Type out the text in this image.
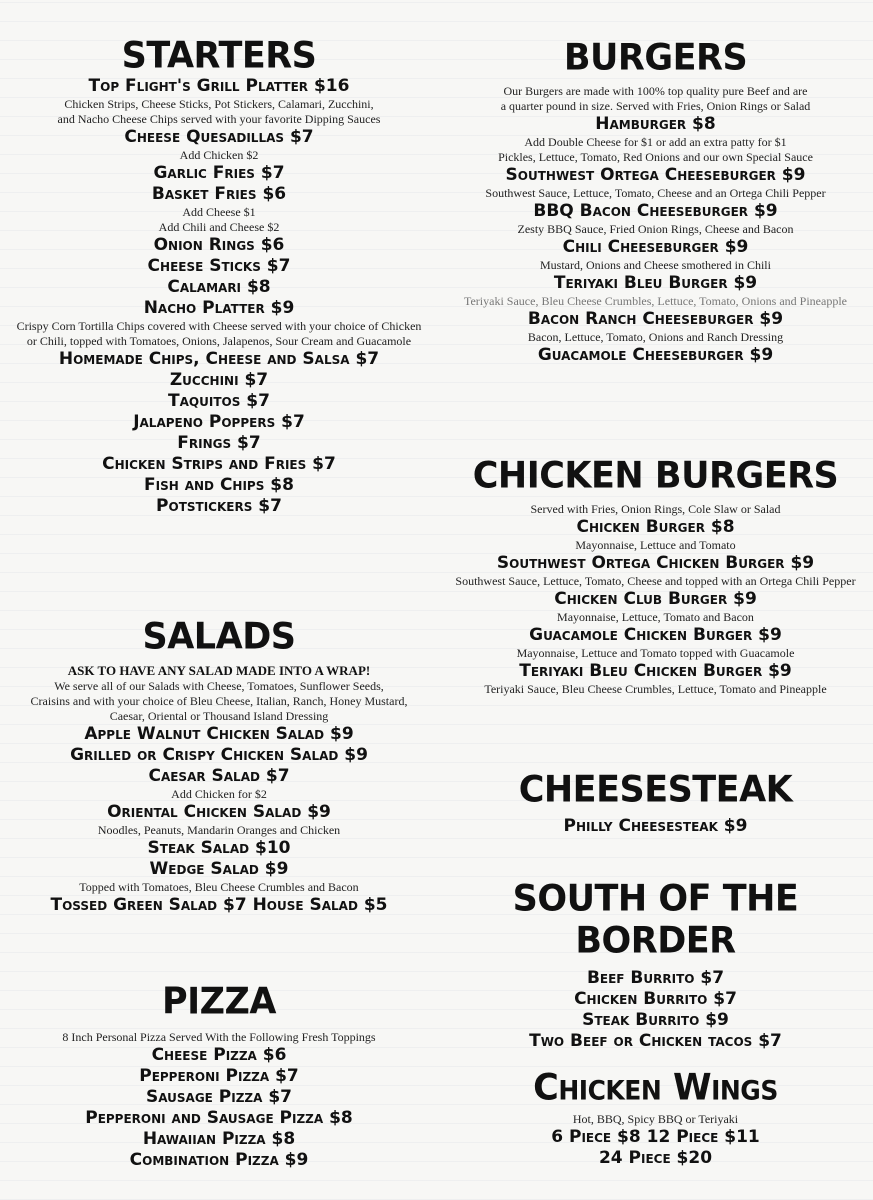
STARTERS
Top Flight's Grill Platter $16
Chicken Strips, Cheese Sticks, Pot Stickers, Calamari, Zucchini,
and Nacho Cheese Chips served with your favorite Dipping Sauces
Cheese Quesadillas $7
Add Chicken $2
Garlic Fries $7
Basket Fries $6
Add Cheese $1
Add Chili and Cheese $2
Onion Rings $6
Cheese Sticks $7
Calamari $8
Nacho Platter $9
Crispy Corn Tortilla Chips covered with Cheese served with your choice of Chicken
or Chili, topped with Tomatoes, Onions, Jalapenos, Sour Cream and Guacamole
Homemade Chips, Cheese and Salsa $7
Zucchini $7
Taquitos $7
Jalapeno Poppers $7
Frings $7
Chicken Strips and Fries $7
Fish and Chips $8
Potstickers $7
SALADS
ASK TO HAVE ANY SALAD MADE INTO A WRAP!
We serve all of our Salads with Cheese, Tomatoes, Sunflower Seeds,
Craisins and with your choice of Bleu Cheese, Italian, Ranch, Honey Mustard,
Caesar, Oriental or Thousand Island Dressing
Apple Walnut Chicken Salad $9
Grilled or Crispy Chicken Salad $9
Caesar Salad $7
Add Chicken for $2
Oriental Chicken Salad $9
Noodles, Peanuts, Mandarin Oranges and Chicken
Steak Salad $10
Wedge Salad $9
Topped with Tomatoes, Bleu Cheese Crumbles and Bacon
Tossed Green Salad $7 House Salad $5
PIZZA
8 Inch Personal Pizza Served With the Following Fresh Toppings
Cheese Pizza $6
Pepperoni Pizza $7
Sausage Pizza $7
Pepperoni and Sausage Pizza $8
Hawaiian Pizza $8
Combination Pizza $9
BURGERS
Our Burgers are made with 100% top quality pure Beef and are
a quarter pound in size. Served with Fries, Onion Rings or Salad
Hamburger $8
Add Double Cheese for $1 or add an extra patty for $1
Pickles, Lettuce, Tomato, Red Onions and our own Special Sauce
Southwest Ortega Cheeseburger $9
Southwest Sauce, Lettuce, Tomato, Cheese and an Ortega Chili Pepper
BBQ Bacon Cheeseburger $9
Zesty BBQ Sauce, Fried Onion Rings, Cheese and Bacon
Chili Cheeseburger $9
Mustard, Onions and Cheese smothered in Chili
Teriyaki Bleu Burger $9
Teriyaki Sauce, Bleu Cheese Crumbles, Lettuce, Tomato, Onions and Pineapple
Bacon Ranch Cheeseburger $9
Bacon, Lettuce, Tomato, Onions and Ranch Dressing
Guacamole Cheeseburger $9
CHICKEN BURGERS
Served with Fries, Onion Rings, Cole Slaw or Salad
Chicken Burger $8
Mayonnaise, Lettuce and Tomato
Southwest Ortega Chicken Burger $9
Southwest Sauce, Lettuce, Tomato, Cheese and topped with an Ortega Chili Pepper
Chicken Club Burger $9
Mayonnaise, Lettuce, Tomato and Bacon
Guacamole Chicken Burger $9
Mayonnaise, Lettuce and Tomato topped with Guacamole
Teriyaki Bleu Chicken Burger $9
Teriyaki Sauce, Bleu Cheese Crumbles, Lettuce, Tomato and Pineapple
CHEESESTEAK
Philly Cheesesteak $9
SOUTH OF THE BORDER
Beef Burrito $7
Chicken Burrito $7
Steak Burrito $9
Two Beef or Chicken tacos $7
Chicken Wings
Hot, BBQ, Spicy BBQ or Teriyaki
6 Piece $8 12 Piece $11
24 Piece $20
